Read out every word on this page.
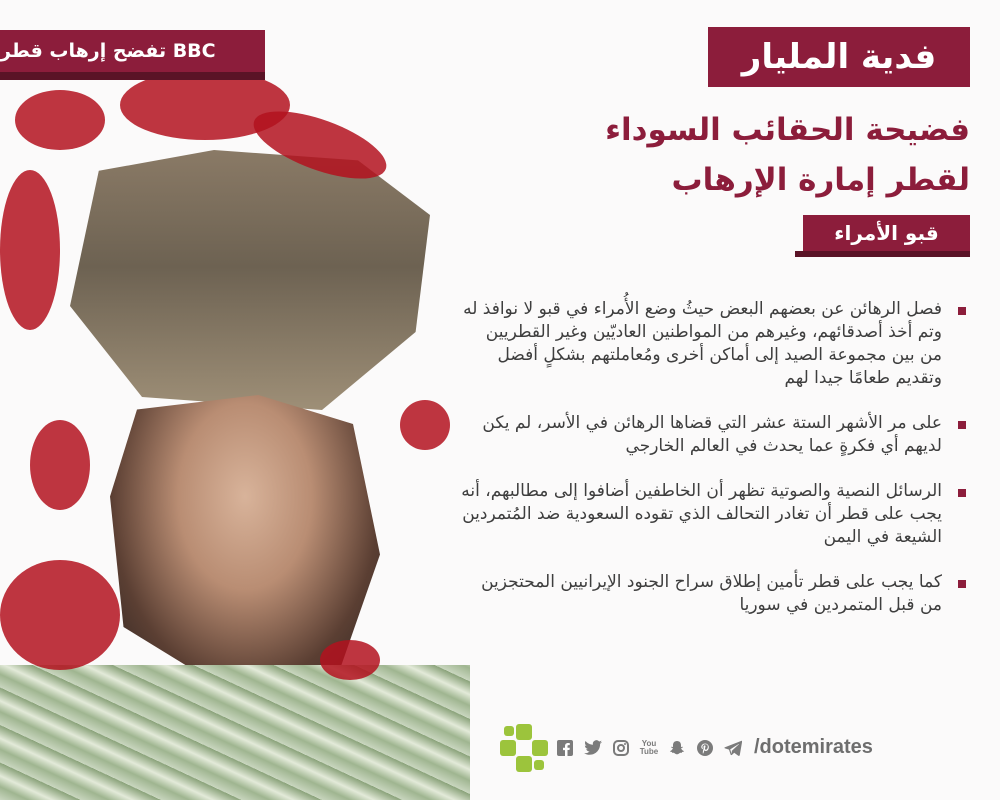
BBC تفضح إرهاب قطر	فدية المليار
فضيحة الحقائب السوداء
لقطر إمارة الإرهاب
قبو الأمراء
فصل الرهائن عن بعضهم البعض حيثُ وضع الأُمراء في قبو لا نوافذ له وتم أخذ أصدقائهم، وغيرهم من المواطنين العاديّين وغير القطريين من بين مجموعة الصيد إلى أماكن أخرى ومُعاملتهم بشكلٍ أفضل وتقديم طعامًا جيدا لهم
على مر الأشهر الستة عشر التي قضاها الرهائن في الأسر، لم يكن لديهم أي فكرةٍ عما يحدث في العالم الخارجي
الرسائل النصية والصوتية تظهر أن الخاطفين أضافوا إلى مطالبهم، أنه يجب على قطر أن تغادر التحالف الذي تقوده السعودية ضد المُتمردين الشيعة في اليمن
كما يجب على قطر تأمين إطلاق سراح الجنود الإيرانيين المحتجزين من قبل المتمردين في سوريا
You Tube	/dotemirates
